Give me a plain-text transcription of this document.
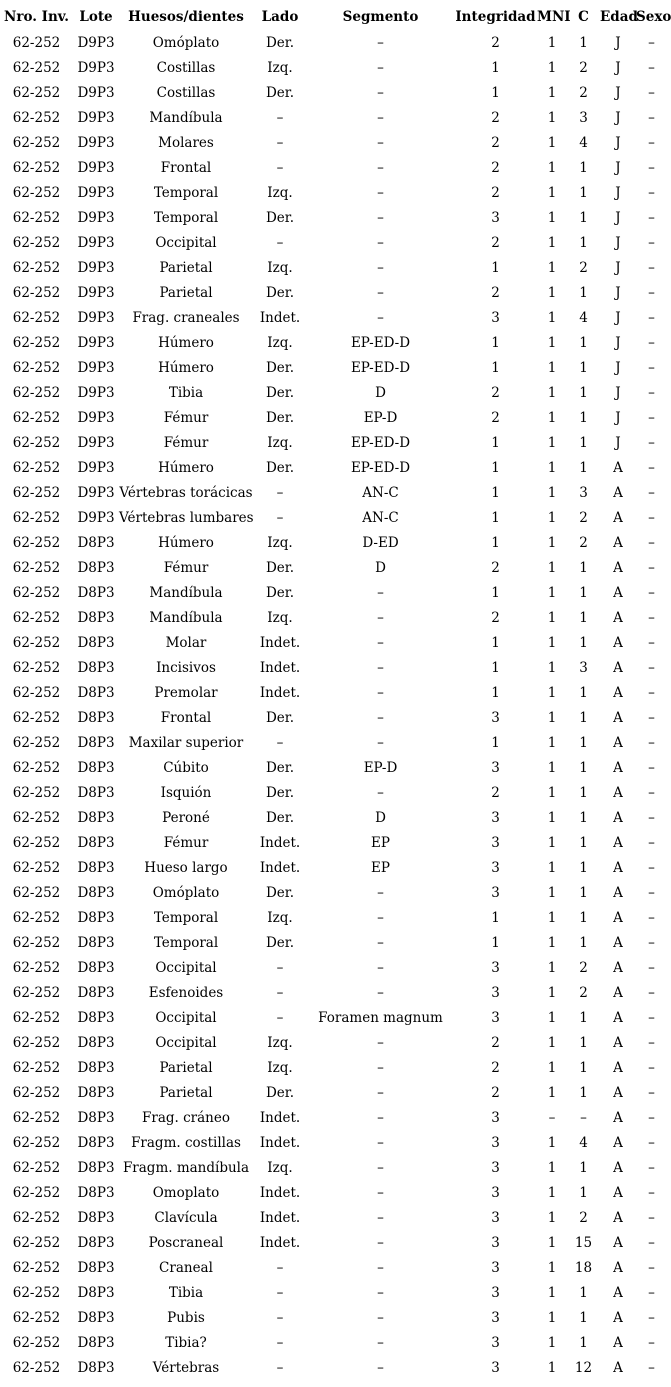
Nro. Inv.	Lote	Huesos/dientes	Lado	Segmento	Integridad	MNI	C	Edad	Sexo
62-252	D9P3	Omóplato	Der.	–	2	1	1	J	–
62-252	D9P3	Costillas	Izq.	–	1	1	2	J	–
62-252	D9P3	Costillas	Der.	–	1	1	2	J	–
62-252	D9P3	Mandíbula	–	–	2	1	3	J	–
62-252	D9P3	Molares	–	–	2	1	4	J	–
62-252	D9P3	Frontal	–	–	2	1	1	J	–
62-252	D9P3	Temporal	Izq.	–	2	1	1	J	–
62-252	D9P3	Temporal	Der.	–	3	1	1	J	–
62-252	D9P3	Occipital	–	–	2	1	1	J	–
62-252	D9P3	Parietal	Izq.	–	1	1	2	J	–
62-252	D9P3	Parietal	Der.	–	2	1	1	J	–
62-252	D9P3	Frag. craneales	Indet.	–	3	1	4	J	–
62-252	D9P3	Húmero	Izq.	EP-ED-D	1	1	1	J	–
62-252	D9P3	Húmero	Der.	EP-ED-D	1	1	1	J	–
62-252	D9P3	Tibia	Der.	D	2	1	1	J	–
62-252	D9P3	Fémur	Der.	EP-D	2	1	1	J	–
62-252	D9P3	Fémur	Izq.	EP-ED-D	1	1	1	J	–
62-252	D9P3	Húmero	Der.	EP-ED-D	1	1	1	A	–
62-252	D9P3	Vértebras torácicas	–	AN-C	1	1	3	A	–
62-252	D9P3	Vértebras lumbares	–	AN-C	1	1	2	A	–
62-252	D8P3	Húmero	Izq.	D-ED	1	1	2	A	–
62-252	D8P3	Fémur	Der.	D	2	1	1	A	–
62-252	D8P3	Mandíbula	Der.	–	1	1	1	A	–
62-252	D8P3	Mandíbula	Izq.	–	2	1	1	A	–
62-252	D8P3	Molar	Indet.	–	1	1	1	A	–
62-252	D8P3	Incisivos	Indet.	–	1	1	3	A	–
62-252	D8P3	Premolar	Indet.	–	1	1	1	A	–
62-252	D8P3	Frontal	Der.	–	3	1	1	A	–
62-252	D8P3	Maxilar superior	–	–	1	1	1	A	–
62-252	D8P3	Cúbito	Der.	EP-D	3	1	1	A	–
62-252	D8P3	Isquión	Der.	–	2	1	1	A	–
62-252	D8P3	Peroné	Der.	D	3	1	1	A	–
62-252	D8P3	Fémur	Indet.	EP	3	1	1	A	–
62-252	D8P3	Hueso largo	Indet.	EP	3	1	1	A	–
62-252	D8P3	Omóplato	Der.	–	3	1	1	A	–
62-252	D8P3	Temporal	Izq.	–	1	1	1	A	–
62-252	D8P3	Temporal	Der.	–	1	1	1	A	–
62-252	D8P3	Occipital	–	–	3	1	2	A	–
62-252	D8P3	Esfenoides	–	–	3	1	2	A	–
62-252	D8P3	Occipital	–	Foramen magnum	3	1	1	A	–
62-252	D8P3	Occipital	Izq.	–	2	1	1	A	–
62-252	D8P3	Parietal	Izq.	–	2	1	1	A	–
62-252	D8P3	Parietal	Der.	–	2	1	1	A	–
62-252	D8P3	Frag. cráneo	Indet.	–	3	–	–	A	–
62-252	D8P3	Fragm. costillas	Indet.	–	3	1	4	A	–
62-252	D8P3	Fragm. mandíbula	Izq.	–	3	1	1	A	–
62-252	D8P3	Omoplato	Indet.	–	3	1	1	A	–
62-252	D8P3	Clavícula	Indet.	–	3	1	2	A	–
62-252	D8P3	Poscraneal	Indet.	–	3	1	15	A	–
62-252	D8P3	Craneal	–	–	3	1	18	A	–
62-252	D8P3	Tibia	–	–	3	1	1	A	–
62-252	D8P3	Pubis	–	–	3	1	1	A	–
62-252	D8P3	Tibia?	–	–	3	1	1	A	–
62-252	D8P3	Vértebras	–	–	3	1	12	A	–
